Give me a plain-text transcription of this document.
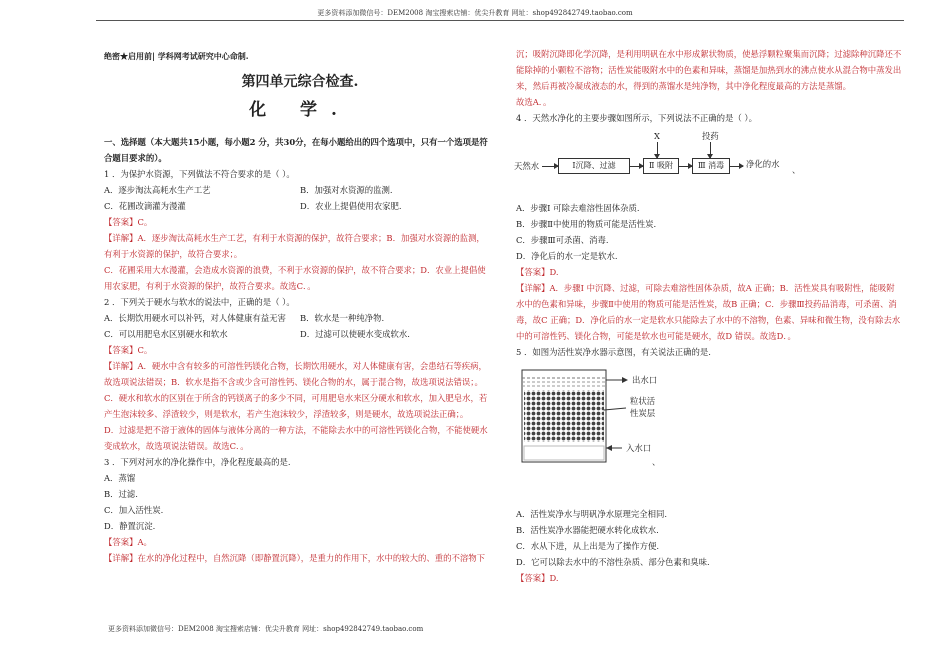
更多资料添加微信号：DEM2008 淘宝搜索店铺：优尖升教育 网址：shop492842749.taobao.com

绝密★启用前| 学科网考试研究中心命制.

第四单元综合检查.

化 学.

一、选择题（本大题共15小题，每小题2 分，共30分，在每小题给出的四个选项中，只有一个选项是符合题目要求的）。

1 ．为保护水资源，下列做法不符合要求的是（ ）。

A．逐步淘汰高耗水生产工艺	B．加强对水资源的监测.
C．花圃改滴灌为漫灌	D．农业上提倡使用农家肥.

【答案】C。

【详解】A．逐步淘汰高耗水生产工艺，有利于水资源的保护，故符合要求；B．加强对水资源的监测，

有利于水资源的保护，故符合要求；。

C．花圃采用大水漫灌，会造成水资源的浪费，不利于水资源的保护，故不符合要求；D．农业上提倡使

用农家肥，有利于水资源的保护，故符合要求。故选C．。

2 ．下列关于硬水与软水的说法中，正确的是（ ）。

A．长期饮用硬水可以补钙，对人体健康有益无害	B．软水是一种纯净物.
C．可以用肥皂水区别硬水和软水	D．过滤可以使硬水变成软水.

【答案】C。

【详解】A．硬水中含有较多的可溶性钙镁化合物，长期饮用硬水，对人体健康有害，会患结石等疾病，

故选项说法错误；B．软水是指不含或少含可溶性钙、镁化合物的水，属于混合物，故选项说法错误；。

C．硬水和软水的区别在于所含的钙镁离子的多少不同，可用肥皂水来区分硬水和软水，加入肥皂水，若

产生泡沫较多、浮渣较少，则是软水，若产生泡沫较少，浮渣较多，则是硬水，故选项说法正确；。

D．过滤是把不溶于液体的固体与液体分离的一种方法，不能除去水中的可溶性钙镁化合物，不能使硬水

变成软水，故选项说法错误。故选C．。

3 ．下列对河水的净化操作中，净化程度最高的是.

A．蒸馏

B．过滤.

C．加入活性炭.

D．静置沉淀.

【答案】A。

【详解】在水的净化过程中，自然沉降（即静置沉降），是重力的作用下，水中的较大的、重的不溶物下

沉；吸附沉降即化学沉降，是利用明矾在水中形成絮状物质，使悬浮颗粒聚集而沉降；过滤除种沉降还不

能除掉的小颗粒不溶物；活性炭能吸附水中的色素和异味，蒸馏是加热到水的沸点使水从混合物中蒸发出

来，然后再被冷凝成液态的水，得到的蒸馏水是纯净物，其中净化程度最高的方法是蒸馏。

故选A．。

4 ．天然水净化的主要步骤如图所示，下列说法不正确的是（ ）。

X	投药
天然水	Ⅰ沉降、过滤	Ⅱ 吸附	Ⅲ 消毒	净化的水
、

A．步骤Ⅰ 可除去难溶性固体杂质.

B．步骤Ⅱ中使用的物质可能是活性炭.

C．步骤Ⅲ可杀菌、消毒.

D．净化后的水一定是软水.

【答案】D.

【详解】A．步骤Ⅰ 中沉降、过滤，可除去难溶性固体杂质，故A 正确；B．活性炭具有吸附性，能吸附

水中的色素和异味，步骤Ⅱ中使用的物质可能是活性炭，故B 正确；C．步骤Ⅲ投药品消毒，可杀菌、消

毒，故C 正确；D．净化后的水一定是软水只能除去了水中的不溶物，色素、异味和微生物，没有除去水

中的可溶性钙、镁化合物，可能是软水也可能是硬水，故D 错误。故选D．。

5 ．如图为活性炭净水器示意图，有关说法正确的是.

出水口
粒状活
性炭层
入水口
、

A．活性炭净水与明矾净水原理完全相同.

B．活性炭净水器能把硬水转化成软水.

C．水从下进，从上出是为了操作方便.

D．它可以除去水中的不溶性杂质、部分色素和臭味.

【答案】D.

更多资料添加微信号：DEM2008 淘宝搜索店铺：优尖升教育 网址：shop492842749.taobao.com
